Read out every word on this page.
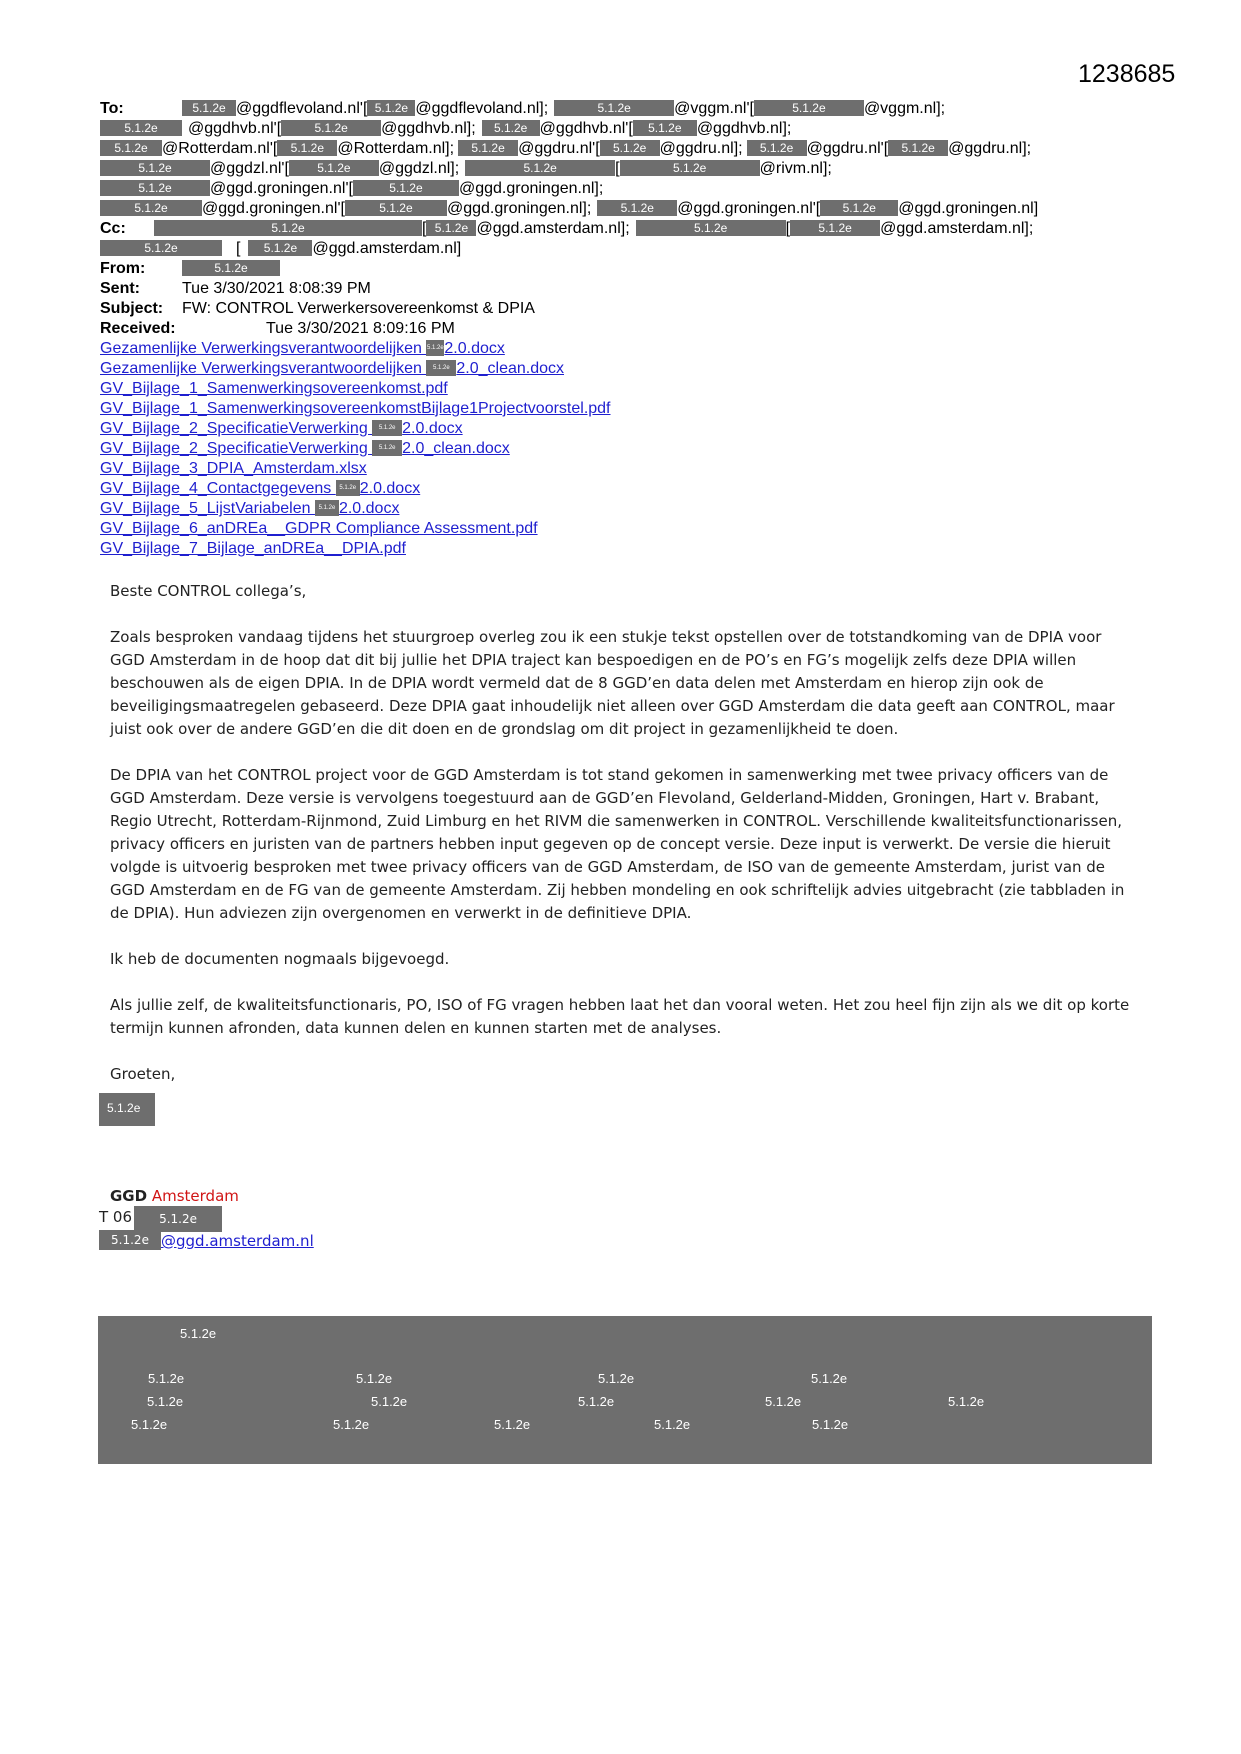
1238685
To:	5.1.2e @ggdflevoland.nl'[ 5.1.2e @ggdflevoland.nl];	5.1.2e	@vggm.nl'[	5.1.2e @vggm.nl];
5.1.2e @ggdhvb.nl'[	5.1.2e @ggdhvb.nl]; 5.1.2e @ggdhvb.nl'[ 5.1.2e @ggdhvb.nl];
5.1.2e @Rotterdam.nl'[ 5.1.2e @Rotterdam.nl]; 5.1.2e @ggdru.nl'[ 5.1.2e @ggdru.nl]; 5.1.2e @ggdru.nl'[ 5.1.2e @ggdru.nl];
5.1.2e @ggdzl.nl'[ 5.1.2e @ggdzl.nl];	5.1.2e	[	5.1.2e	@rivm.nl];
5.1.2e @ggd.groningen.nl'[	5.1.2e @ggd.groningen.nl];
5.1.2e @ggd.groningen.nl'[	5.1.2e @ggd.groningen.nl]; 5.1.2e @ggd.groningen.nl'[ 5.1.2e @ggd.groningen.nl]
Cc:	5.1.2e	[ 5.1.2e @ggd.amsterdam.nl];	5.1.2e	[ 5.1.2e @ggd.amsterdam.nl];
5.1.2e	[ 5.1.2e @ggd.amsterdam.nl]
From:	5.1.2e
Sent:	Tue 3/30/2021 8:08:39 PM
Subject: FW: CONTROL Verwerkersovereenkomst & DPIA
Received:	Tue 3/30/2021 8:09:16 PM
Gezamenlijke Verwerkingsverantwoordelijken 5.1.2e2.0.docx
Gezamenlijke Verwerkingsverantwoordelijken 5.1.2e 2.0_clean.docx
GV_Bijlage_1_Samenwerkingsovereenkomst.pdf
GV_Bijlage_1_SamenwerkingsovereenkomstBijlage1Projectvoorstel.pdf
GV_Bijlage_2_SpecificatieVerwerking 5.1.2e 2.0.docx
GV_Bijlage_2_SpecificatieVerwerking 5.1.2e 2.0_clean.docx
GV_Bijlage_3_DPIA_Amsterdam.xlsx
GV_Bijlage_4_Contactgegevens 5.1.2e 2.0.docx
GV_Bijlage_5_LijstVariabelen 5.1.2e 2.0.docx
GV_Bijlage_6_anDREa__GDPR Compliance Assessment.pdf
GV_Bijlage_7_Bijlage_anDREa__DPIA.pdf
Beste CONTROL collega’s,
Zoals besproken vandaag tijdens het stuurgroep overleg zou ik een stukje tekst opstellen over de totstandkoming van de DPIA voor GGD Amsterdam in de hoop dat dit bij jullie het DPIA traject kan bespoedigen en de PO’s en FG’s mogelijk zelfs deze DPIA willen beschouwen als de eigen DPIA. In de DPIA wordt vermeld dat de 8 GGD’en data delen met Amsterdam en hierop zijn ook de beveiligingsmaatregelen gebaseerd. Deze DPIA gaat inhoudelijk niet alleen over GGD Amsterdam die data geeft aan CONTROL, maar juist ook over de andere GGD’en die dit doen en de grondslag om dit project in gezamenlijkheid te doen.
De DPIA van het CONTROL project voor de GGD Amsterdam is tot stand gekomen in samenwerking met twee privacy officers van de GGD Amsterdam. Deze versie is vervolgens toegestuurd aan de GGD’en Flevoland, Gelderland-Midden, Groningen, Hart v. Brabant, Regio Utrecht, Rotterdam-Rijnmond, Zuid Limburg en het RIVM die samenwerken in CONTROL. Verschillende kwaliteitsfunctionarissen, privacy officers en juristen van de partners hebben input gegeven op de concept versie. Deze input is verwerkt. De versie die hieruit volgde is uitvoerig besproken met twee privacy officers van de GGD Amsterdam, de ISO van de gemeente Amsterdam, jurist van de GGD Amsterdam en de FG van de gemeente Amsterdam. Zij hebben mondeling en ook schriftelijk advies uitgebracht (zie tabbladen in de DPIA). Hun adviezen zijn overgenomen en verwerkt in de definitieve DPIA.
Ik heb de documenten nogmaals bijgevoegd.
Als jullie zelf, de kwaliteitsfunctionaris, PO, ISO of FG vragen hebben laat het dan vooral weten. Het zou heel fijn zijn als we dit op korte termijn kunnen afronden, data kunnen delen en kunnen starten met de analyses.
Groeten,
5.1.2e
GGD Amsterdam
T 06 5.1.2e
5.1.2e @ggd.amsterdam.nl
5.1.2e
5.1.2e	5.1.2e	5.1.2e	5.1.2e
5.1.2e	5.1.2e	5.1.2e	5.1.2e	5.1.2e
5.1.2e	5.1.2e	5.1.2e	5.1.2e	5.1.2e
